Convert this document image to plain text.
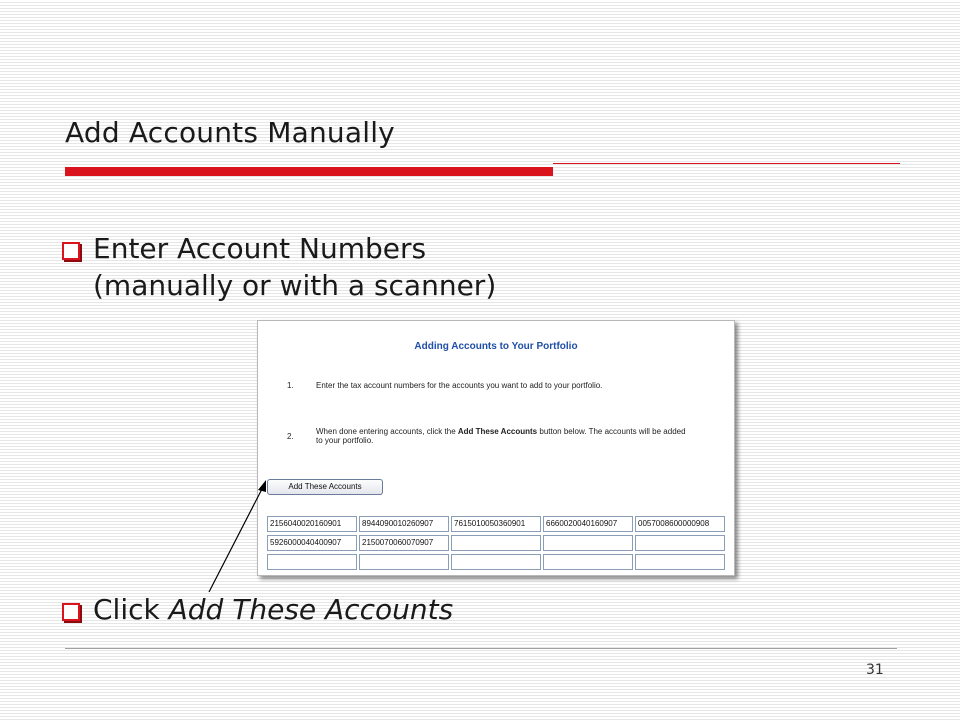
Add Accounts Manually
Enter Account Numbers
(manually or with a scanner)
Adding Accounts to Your Portfolio
1.	Enter the tax account numbers for the accounts you want to add to your portfolio.
2.
When done entering accounts, click the Add These Accounts button below. The accounts will be added to your portfolio.
Add These Accounts
2156040020160901	8944090010260907	7615010050360901	6660020040160907	0057008600000908
5926000040400907	2150070060070907
Click Add These Accounts
31
